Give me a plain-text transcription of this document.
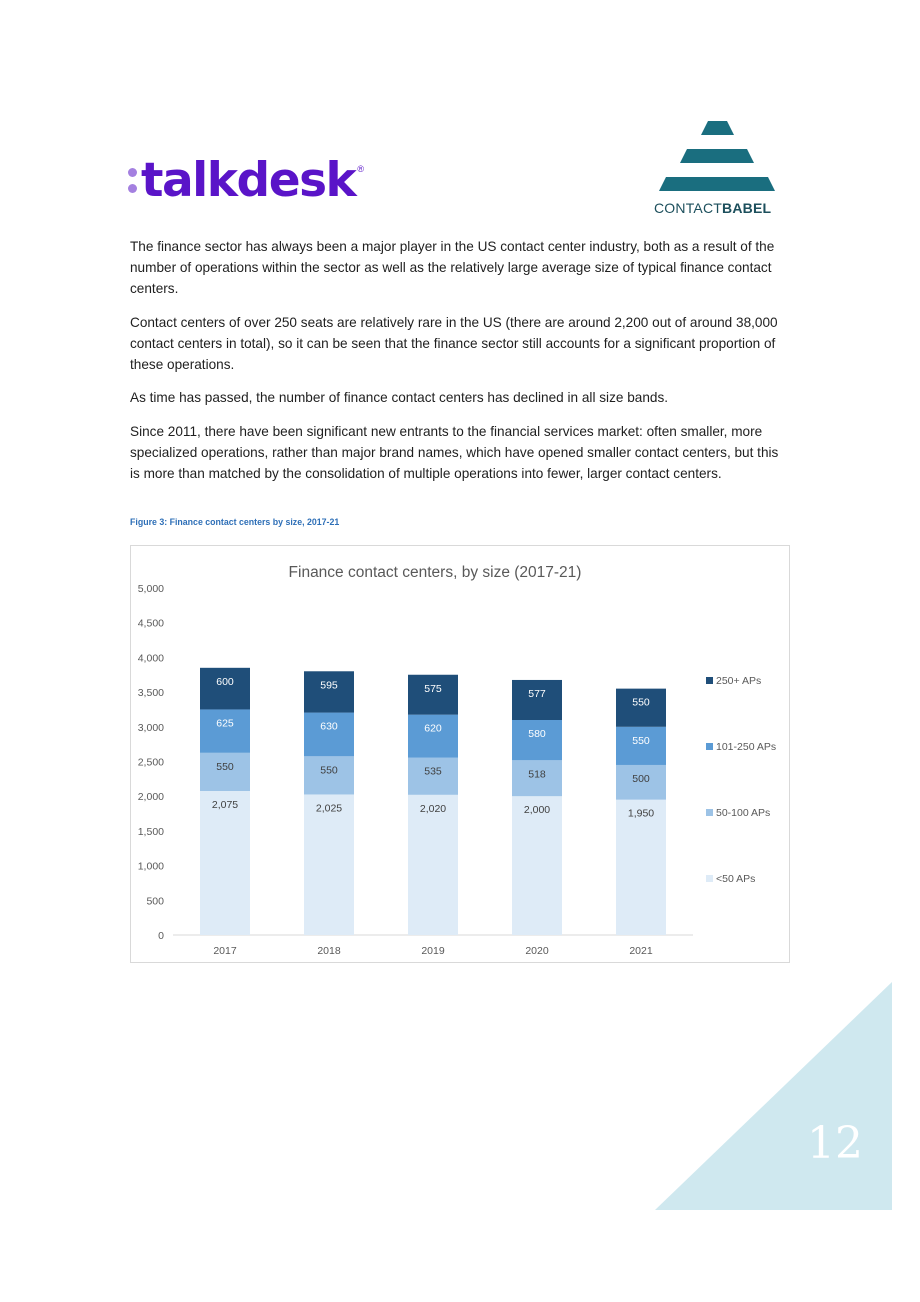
talkdesk ®
CONTACTBABEL

The finance sector has always been a major player in the US contact center industry, both as a result of the number of operations within the sector as well as the relatively large average size of typical finance contact centers.

Contact centers of over 250 seats are relatively rare in the US (there are around 2,200 out of around 38,000 contact centers in total), so it can be seen that the finance sector still accounts for a significant proportion of these operations.

As time has passed, the number of finance contact centers has declined in all size bands.

Since 2011, there have been significant new entrants to the financial services market: often smaller, more specialized operations, rather than major brand names, which have opened smaller contact centers, but this is more than matched by the consolidation of multiple operations into fewer, larger contact centers.

Figure 3: Finance contact centers by size, 2017-21
Finance contact centers, by size (2017-21)
0
500
1,000
1,500
2,000
2,500
3,000
3,500
4,000
4,500
5,000
2,075
550
625
600
2017
2,025
550
630
595
2018
2,020
535
620
575
2019
2,000
518
580
577
2020
1,950
500
550
550
2021
250+ APs
101-250 APs
50-100 APs
<50 APs
12
